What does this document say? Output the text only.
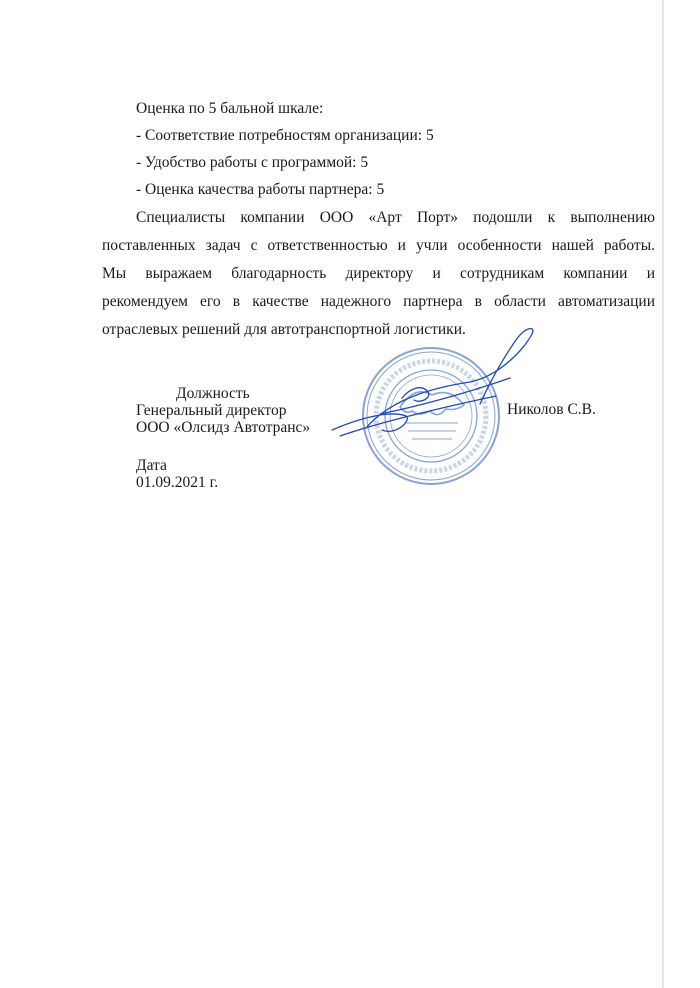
Оценка по 5 бальной шкале:
- Соответствие потребностям организации: 5
- Удобство работы с программой: 5
- Оценка качества работы партнера: 5
Специалисты компании ООО «Арт Порт» подошли к выполнению
поставленных задач с ответственностью и учли особенности нашей работы.
Мы выражаем благодарность директору и сотрудникам компании и
рекомендуем его в качестве надежного партнера в области автоматизации
отраслевых решений для автотранспортной логистики.
Должность
Генеральный директор
ООО «Олсидз Автотранс»
Николов С.В.
Дата
01.09.2021 г.
